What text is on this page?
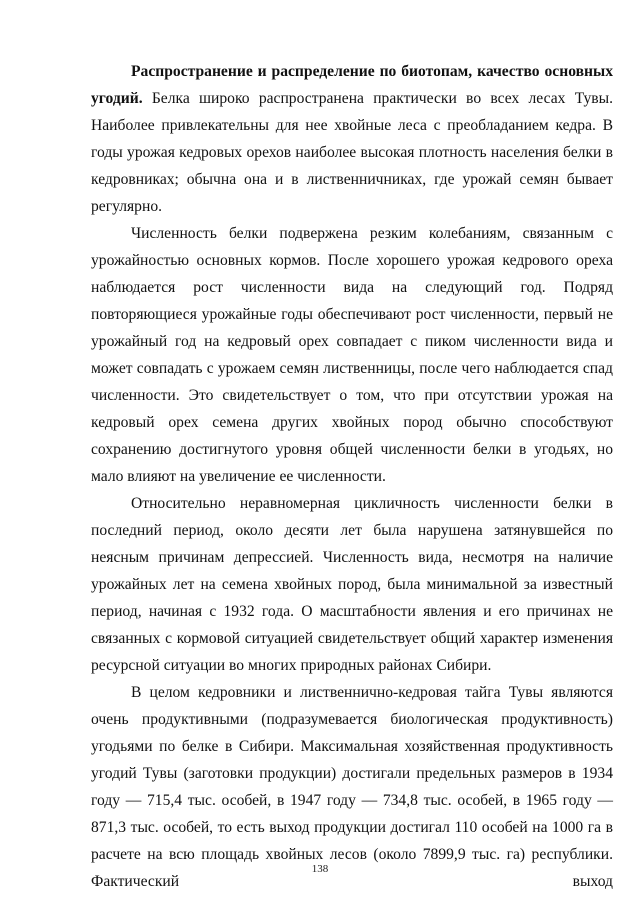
Распространение и распределение по биотопам, качество основных угодий. Белка широко распространена практически во всех лесах Тувы. Наиболее привлекательны для нее хвойные леса с преобладанием кедра. В годы урожая кедровых орехов наиболее высокая плотность населения белки в кедровниках; обычна она и в лиственничниках, где урожай семян бывает регулярно.

Численность белки подвержена резким колебаниям, связанным с урожайностью основных кормов. После хорошего урожая кедрового ореха наблюдается рост численности вида на следующий год. Подряд повторяющиеся урожайные годы обеспечивают рост численности, первый не урожайный год на кедровый орех совпадает с пиком численности вида и может совпадать с урожаем семян лиственницы, после чего наблюдается спад численности. Это свидетельствует о том, что при отсутствии урожая на кедровый орех семена других хвойных пород обычно способствуют сохранению достигнутого уровня общей численности белки в угодьях, но мало влияют на увеличение ее численности.

Относительно неравномерная цикличность численности белки в последний период, около десяти лет была нарушена затянувшейся по неясным причинам депрессией. Численность вида, несмотря на наличие урожайных лет на семена хвойных пород, была минимальной за известный период, начиная с 1932 года. О масштабности явления и его причинах не связанных с кормовой ситуацией свидетельствует общий характер изменения ресурсной ситуации во многих природных районах Сибири.

В целом кедровники и лиственнично-кедровая тайга Тувы являются очень продуктивными (подразумевается биологическая продуктивность) угодьями по белке в Сибири. Максимальная хозяйственная продуктивность угодий Тувы (заготовки продукции) достигали предельных размеров в 1934 году — 715,4 тыс. особей, в 1947 году — 734,8 тыс. особей, в 1965 году — 871,3 тыс. особей, то есть выход продукции достигал 110 особей на 1000 га в расчете на всю площадь хвойных лесов (около 7899,9 тыс. га) республики. Фактический выход

138
